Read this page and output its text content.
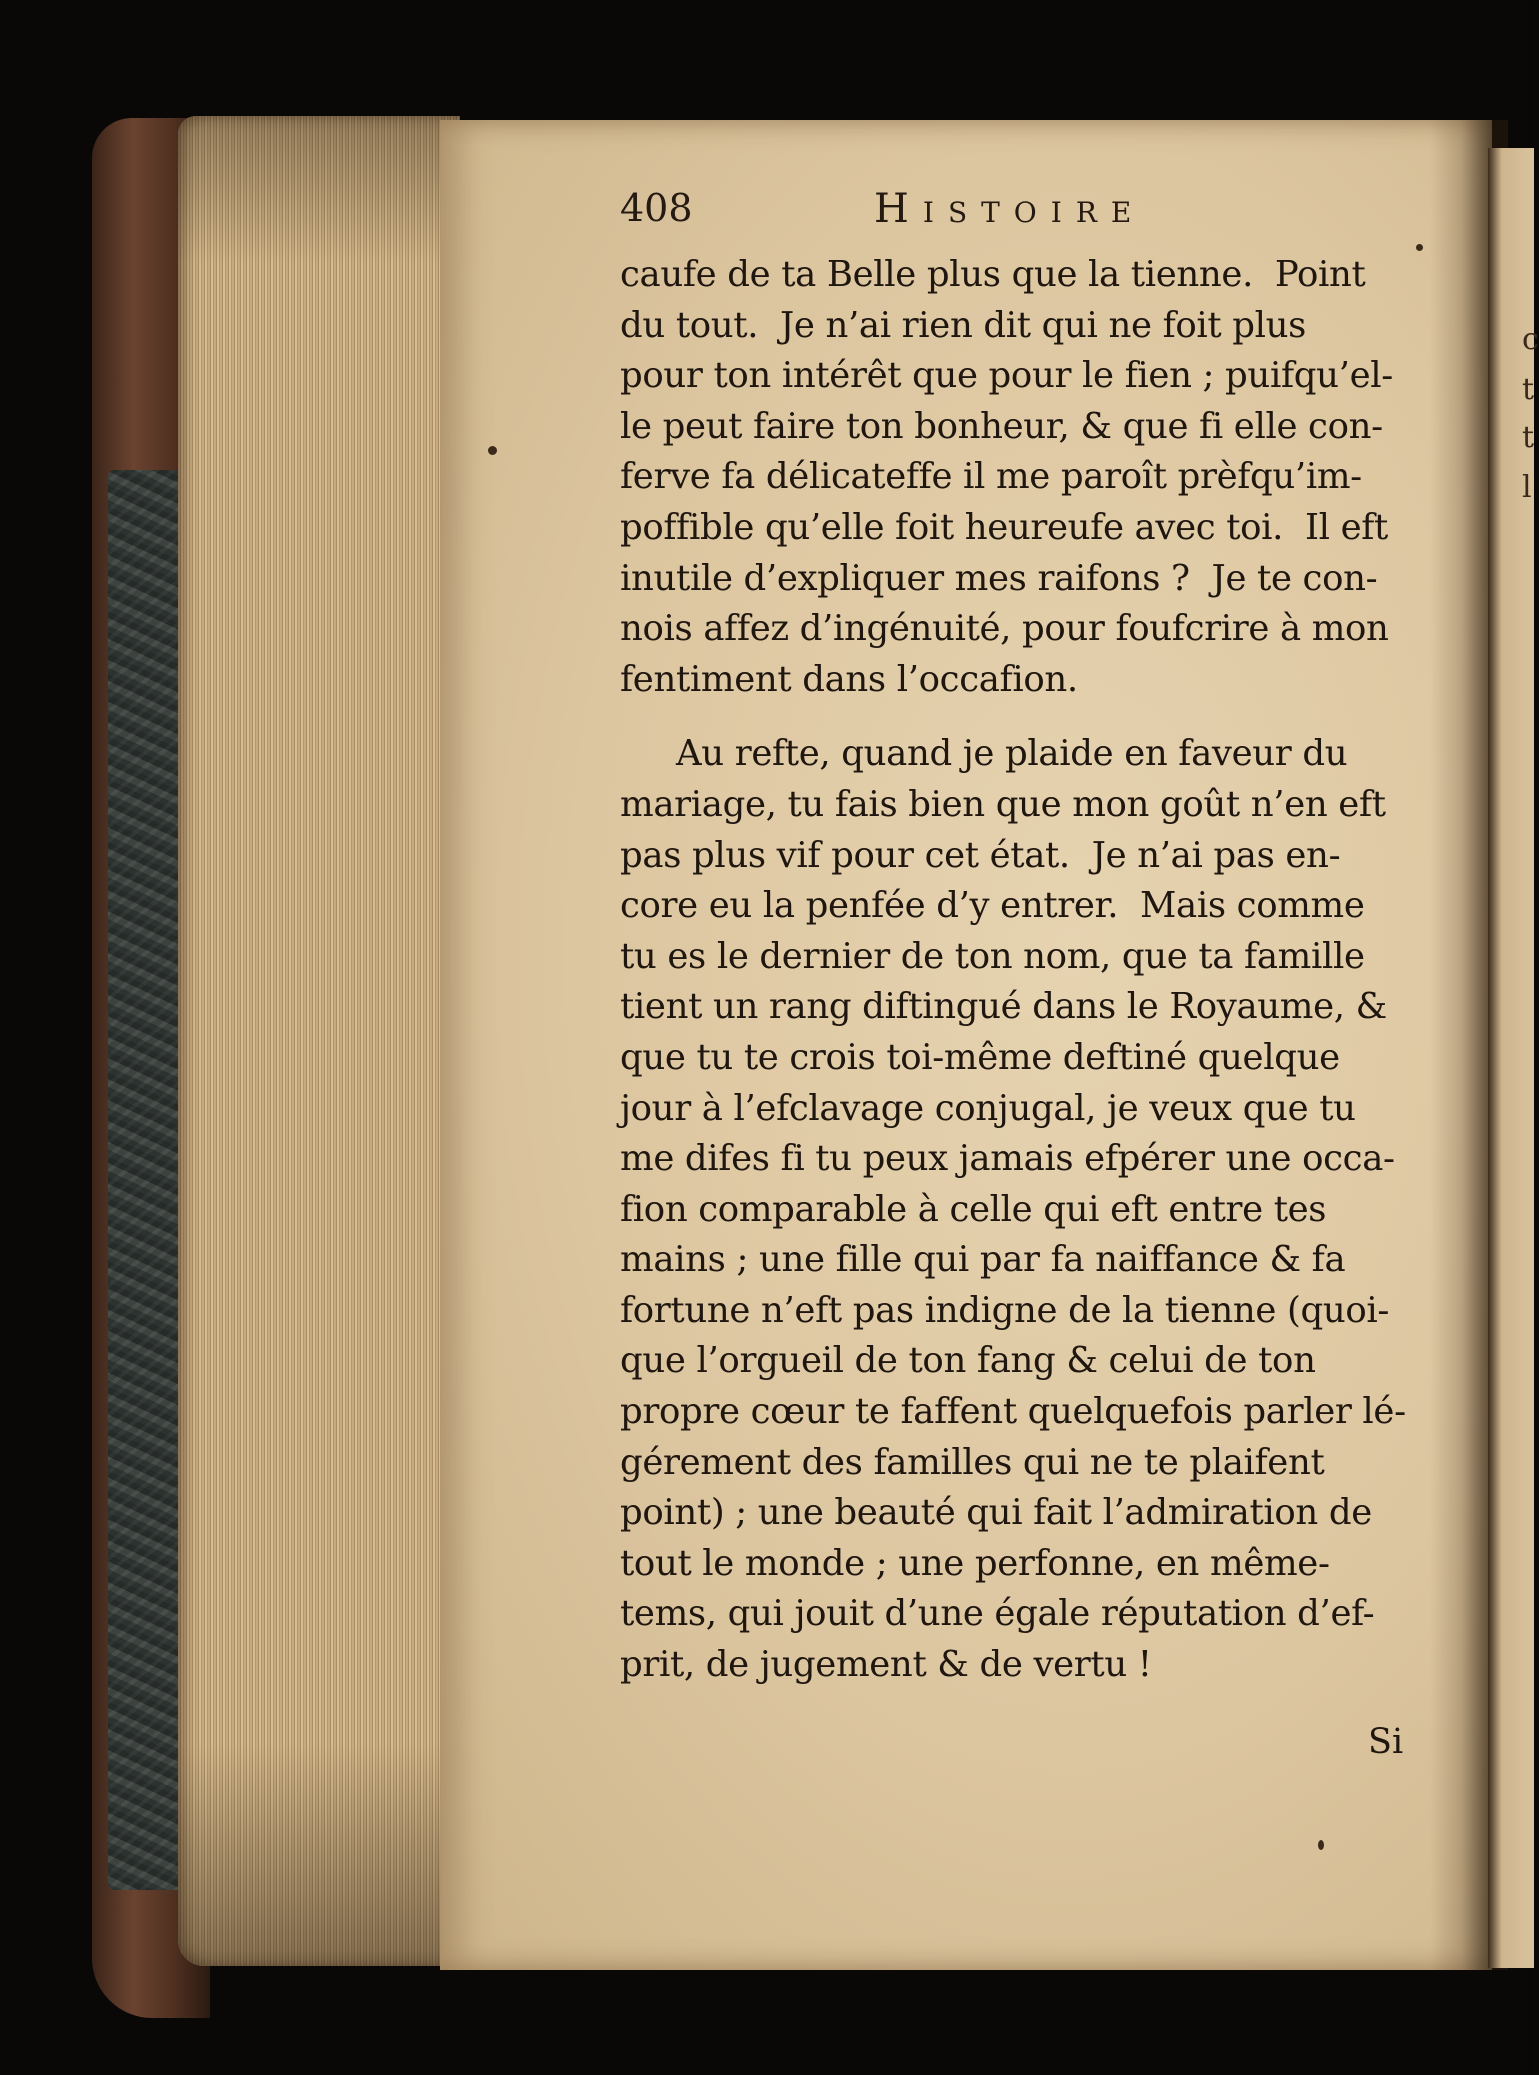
c
t
t
l
408	Histoire
caufe de ta Belle plus que la tienne.  Point
du tout.  Je n’ai rien dit qui ne foit plus
pour ton intérêt que pour le fien ; puifqu’el-
le peut faire ton bonheur, & que fi elle con-
ferve fa délicateffe il me paroît prèfqu’im-
poffible qu’elle foit heureufe avec toi.  Il eft
inutile d’expliquer mes raifons ?  Je te con-
nois affez d’ingénuité, pour foufcrire à mon
fentiment dans l’occafion.
Au refte, quand je plaide en faveur du
mariage, tu fais bien que mon goût n’en eft
pas plus vif pour cet état.  Je n’ai pas en-
core eu la penfée d’y entrer.  Mais comme
tu es le dernier de ton nom, que ta famille
tient un rang diftingué dans le Royaume, &
que tu te crois toi-même deftiné quelque
jour à l’efclavage conjugal, je veux que tu
me difes fi tu peux jamais efpérer une occa-
fion comparable à celle qui eft entre tes
mains ; une fille qui par fa naiffance & fa
fortune n’eft pas indigne de la tienne (quoi-
que l’orgueil de ton fang & celui de ton
propre cœur te faffent quelquefois parler lé-
gérement des familles qui ne te plaifent
point) ; une beauté qui fait l’admiration de
tout le monde ; une perfonne, en même-
tems, qui jouit d’une égale réputation d’ef-
prit, de jugement & de vertu !
Si
